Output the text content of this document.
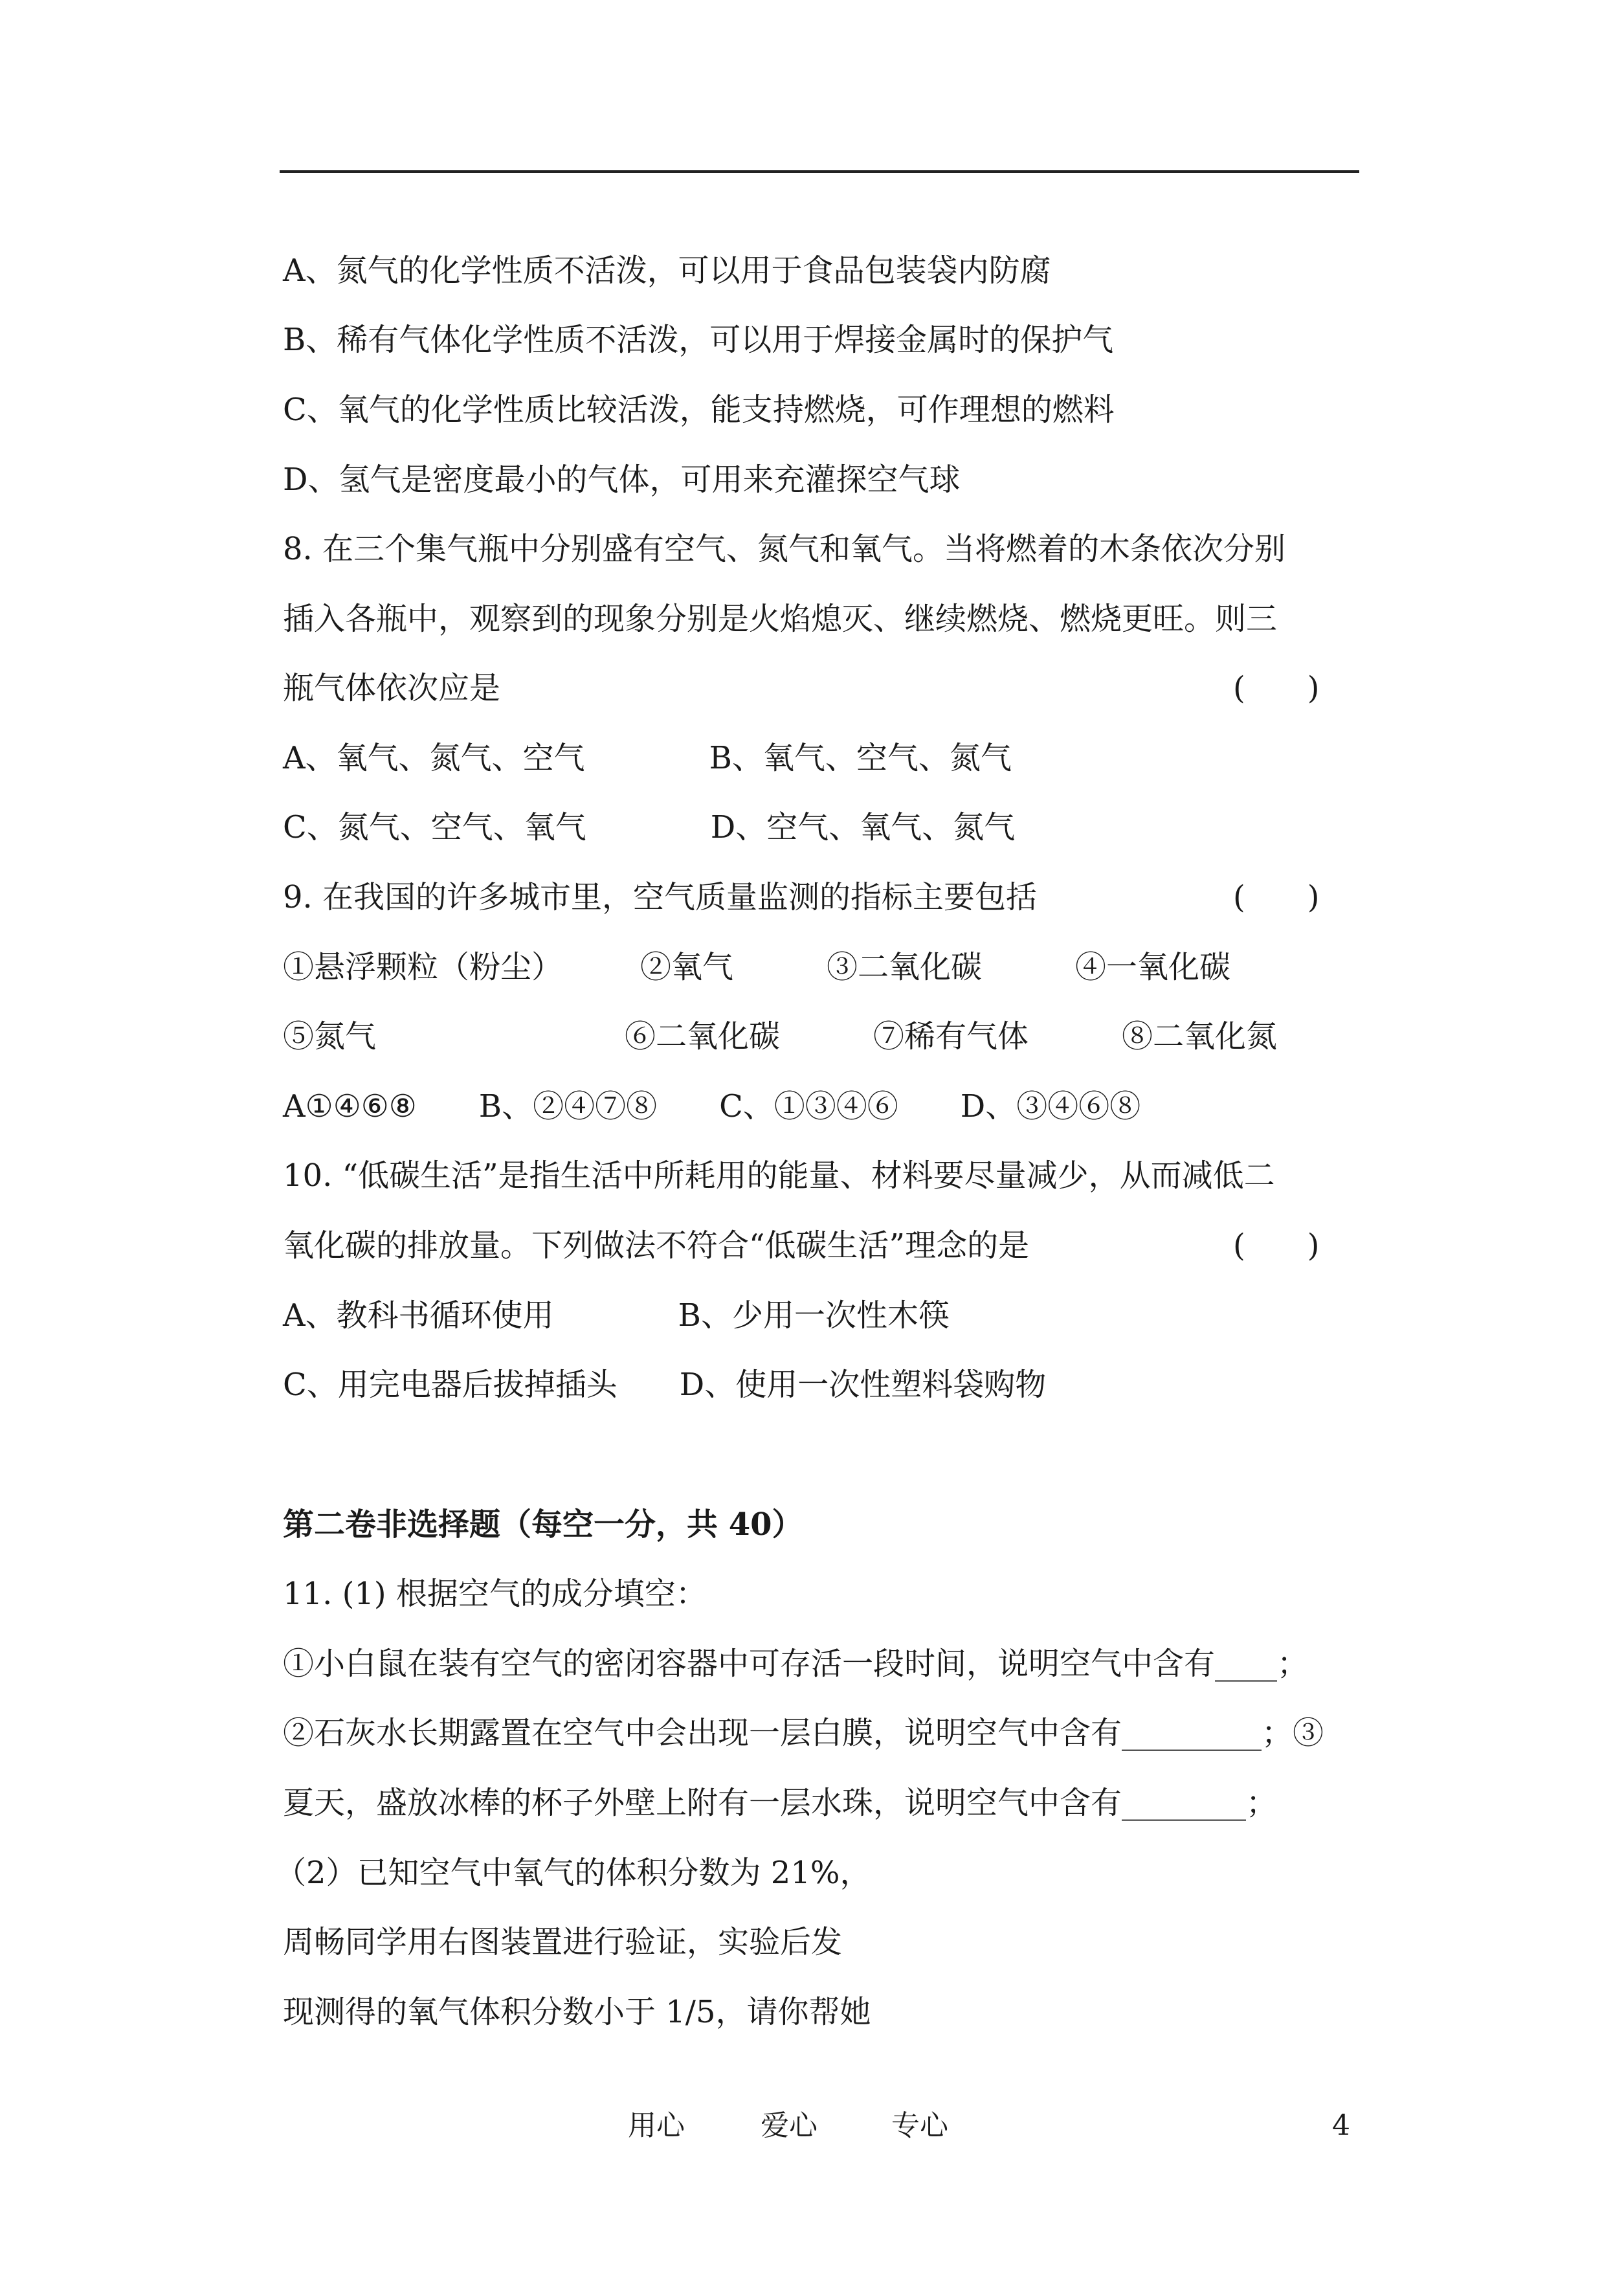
A、氮气的化学性质不活泼，可以用于食品包装袋内防腐
B、稀有气体化学性质不活泼，可以用于焊接金属时的保护气
C、氧气的化学性质比较活泼，能支持燃烧，可作理想的燃料
D、氢气是密度最小的气体，可用来充灌探空气球
8. 在三个集气瓶中分别盛有空气、氮气和氧气。当将燃着的木条依次分别
插入各瓶中，观察到的现象分别是火焰熄灭、继续燃烧、燃烧更旺。则三
瓶气体依次应是	(　　)
A、氧气、氮气、空气　　　　B、氧气、空气、氮气
C、氮气、空气、氧气　　　　D、空气、氧气、氮气
9. 在我国的许多城市里，空气质量监测的指标主要包括	(　　)
①悬浮颗粒（粉尘）　　　②氧气　　　③二氧化碳　　　④一氧化碳
⑤氮气　　　　　　　　⑥二氧化碳　　　⑦稀有气体　　　⑧二氧化氮
A①④⑥⑧　　B、②④⑦⑧　　C、①③④⑥　　D、③④⑥⑧
10. “低碳生活”是指生活中所耗用的能量、材料要尽量减少，从而减低二
氧化碳的排放量。下列做法不符合“低碳生活”理念的是	(　　)
A、教科书循环使用　　　　B、少用一次性木筷
C、用完电器后拔掉插头　　D、使用一次性塑料袋购物
第二卷非选择题（每空一分，共 40）
11. (1) 根据空气的成分填空：
①小白鼠在装有空气的密闭容器中可存活一段时间，说明空气中含有____；
②石灰水长期露置在空气中会出现一层白膜，说明空气中含有_________；③
夏天，盛放冰棒的杯子外壁上附有一层水珠，说明空气中含有________；
（2）已知空气中氧气的体积分数为 21%，
周畅同学用右图装置进行验证，实验后发
现测得的氧气体积分数小于 1/5，请你帮她
用心	爱心	专心	4
